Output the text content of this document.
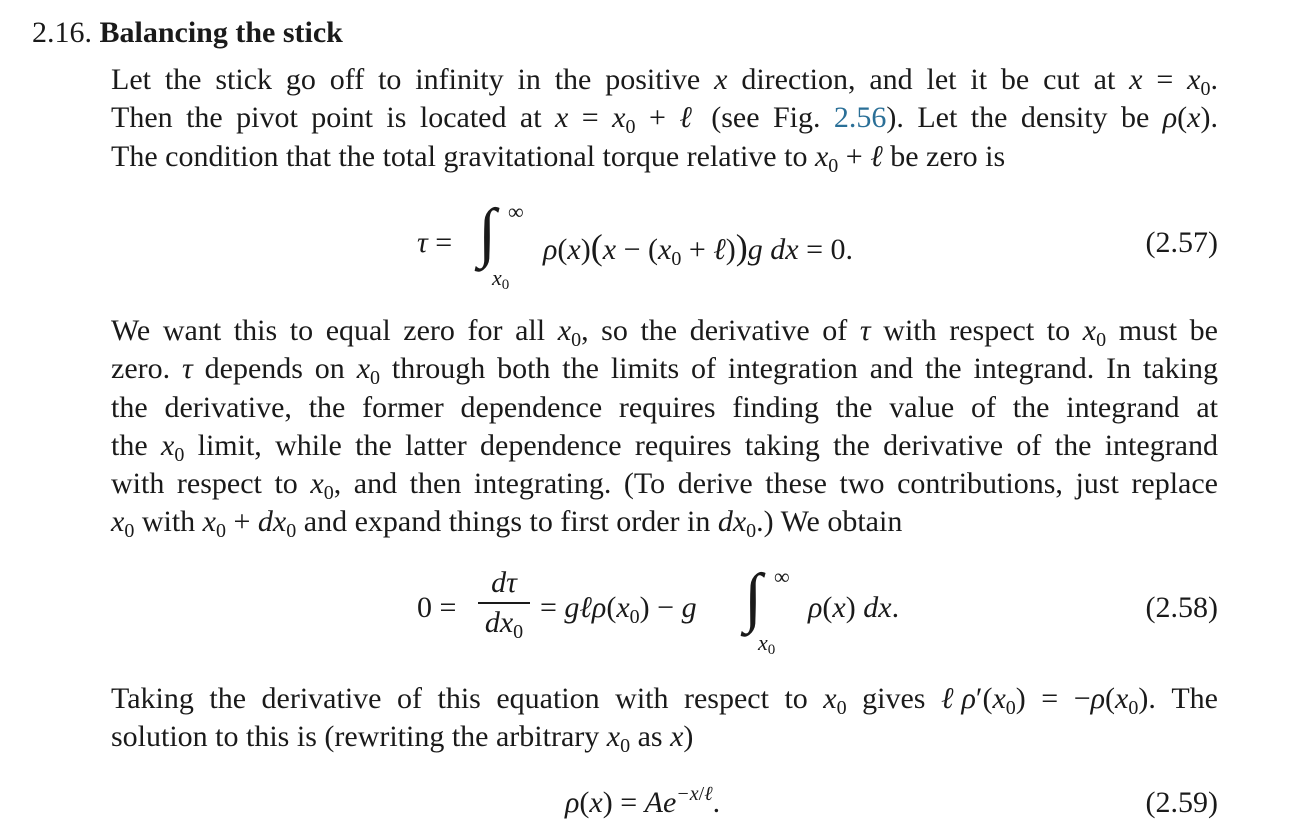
2.16. Balancing the stick
Let the stick go off to infinity in the positive x direction, and let it be cut at $x = x_0$.
Then the pivot point is located at $x = x_0$ + ℓ (see Fig. 2.56). Let the density be ρ(x).
The condition that the total gravitational torque relative to $x_0$ + ℓ be zero is
τ = ∫ ∞
$x_0$
$\rho(x)(x - (x_0$ + ℓ))g dx = 0.	(2.57)
We want this to equal zero for all $x_0$, so the derivative of τ with respect to $x_0$ must be
zero. τ depends on $x_0$ through both the limits of integration and the integrand. In taking
the derivative, the former dependence requires finding the value of the integrand at
the $x_0$ limit, while the latter dependence requires taking the derivative of the integrand
with respect to $x_0$, and then integrating. (To derive these two contributions, just replace
$x_0$ with $x_0 + dx_0$ and expand things to first order in $dx_0$.) We obtain
0 =
dτ
$dx_0$
= $g\ell\rho(x_0) - g$ ∫ ∞
$x_0$
ρ(x) dx.	(2.58)
Taking the derivative of this equation with respect to $x_0$ gives $\ell\rho'(x_0) = -\rho(x_0)$. The
solution to this is (rewriting the arbitrary $x_0$ as x)
$\rho(x) = Ae^{-x/\ell}$.	(2.59)
